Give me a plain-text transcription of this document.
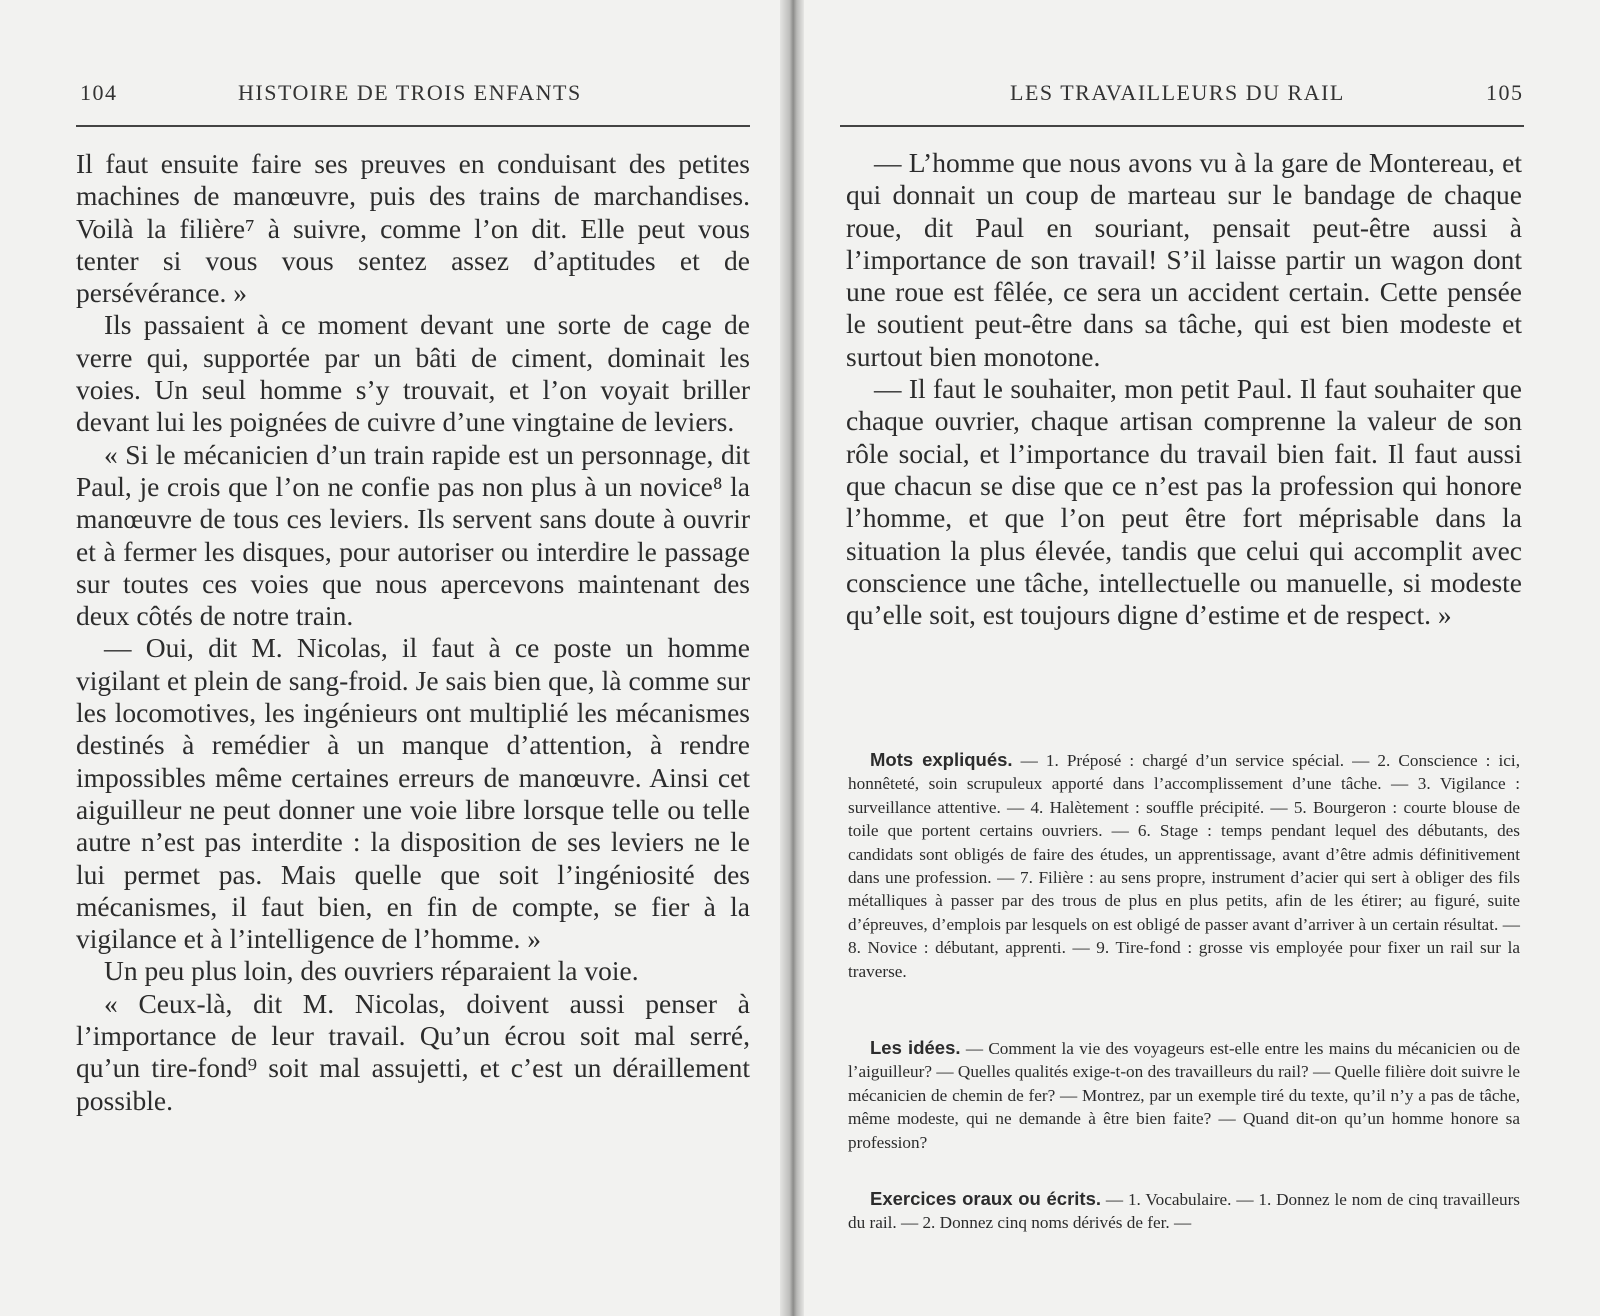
104	HISTOIRE DE TROIS ENFANTS

Il faut ensuite faire ses preuves en conduisant des petites machines de manœuvre, puis des trains de marchandises. Voilà la filière⁷ à suivre, comme l’on dit. Elle peut vous tenter si vous vous sentez assez d’aptitudes et de persévérance. »

Ils passaient à ce moment devant une sorte de cage de verre qui, supportée par un bâti de ciment, dominait les voies. Un seul homme s’y trouvait, et l’on voyait briller devant lui les poignées de cuivre d’une vingtaine de leviers.

« Si le mécanicien d’un train rapide est un personnage, dit Paul, je crois que l’on ne confie pas non plus à un novice⁸ la manœuvre de tous ces leviers. Ils servent sans doute à ouvrir et à fermer les disques, pour autoriser ou interdire le passage sur toutes ces voies que nous apercevons maintenant des deux côtés de notre train.

— Oui, dit M. Nicolas, il faut à ce poste un homme vigilant et plein de sang-froid. Je sais bien que, là comme sur les locomotives, les ingénieurs ont multiplié les mécanismes destinés à remédier à un manque d’attention, à rendre impossibles même certaines erreurs de manœuvre. Ainsi cet aiguilleur ne peut donner une voie libre lorsque telle ou telle autre n’est pas interdite : la disposition de ses leviers ne le lui permet pas. Mais quelle que soit l’ingéniosité des mécanismes, il faut bien, en fin de compte, se fier à la vigilance et à l’intelligence de l’homme. »

Un peu plus loin, des ouvriers réparaient la voie.

« Ceux-là, dit M. Nicolas, doivent aussi penser à l’importance de leur travail. Qu’un écrou soit mal serré, qu’un tire-fond⁹ soit mal assujetti, et c’est un déraillement possible.

LES TRAVAILLEURS DU RAIL	105

— L’homme que nous avons vu à la gare de Montereau, et qui donnait un coup de marteau sur le bandage de chaque roue, dit Paul en souriant, pensait peut-être aussi à l’importance de son travail! S’il laisse partir un wagon dont une roue est fêlée, ce sera un accident certain. Cette pensée le soutient peut-être dans sa tâche, qui est bien modeste et surtout bien monotone.

— Il faut le souhaiter, mon petit Paul. Il faut souhaiter que chaque ouvrier, chaque artisan comprenne la valeur de son rôle social, et l’importance du travail bien fait. Il faut aussi que chacun se dise que ce n’est pas la profession qui honore l’homme, et que l’on peut être fort méprisable dans la situation la plus élevée, tandis que celui qui accomplit avec conscience une tâche, intellectuelle ou manuelle, si modeste qu’elle soit, est toujours digne d’estime et de respect. »

Mots expliqués. — 1. Préposé : chargé d’un service spécial. — 2. Conscience : ici, honnêteté, soin scrupuleux apporté dans l’accomplissement d’une tâche. — 3. Vigilance : surveillance attentive. — 4. Halètement : souffle précipité. — 5. Bourgeron : courte blouse de toile que portent certains ouvriers. — 6. Stage : temps pendant lequel des débutants, des candidats sont obligés de faire des études, un apprentissage, avant d’être admis définitivement dans une profession. — 7. Filière : au sens propre, instrument d’acier qui sert à obliger des fils métalliques à passer par des trous de plus en plus petits, afin de les étirer; au figuré, suite d’épreuves, d’emplois par lesquels on est obligé de passer avant d’arriver à un certain résultat. — 8. Novice : débutant, apprenti. — 9. Tire-fond : grosse vis employée pour fixer un rail sur la traverse.

Les idées. — Comment la vie des voyageurs est-elle entre les mains du mécanicien ou de l’aiguilleur? — Quelles qualités exige-t-on des travailleurs du rail? — Quelle filière doit suivre le mécanicien de chemin de fer? — Montrez, par un exemple tiré du texte, qu’il n’y a pas de tâche, même modeste, qui ne demande à être bien faite? — Quand dit-on qu’un homme honore sa profession?

Exercices oraux ou écrits. — 1. Vocabulaire. — 1. Donnez le nom de cinq travailleurs du rail. — 2. Donnez cinq noms dérivés de fer. —
